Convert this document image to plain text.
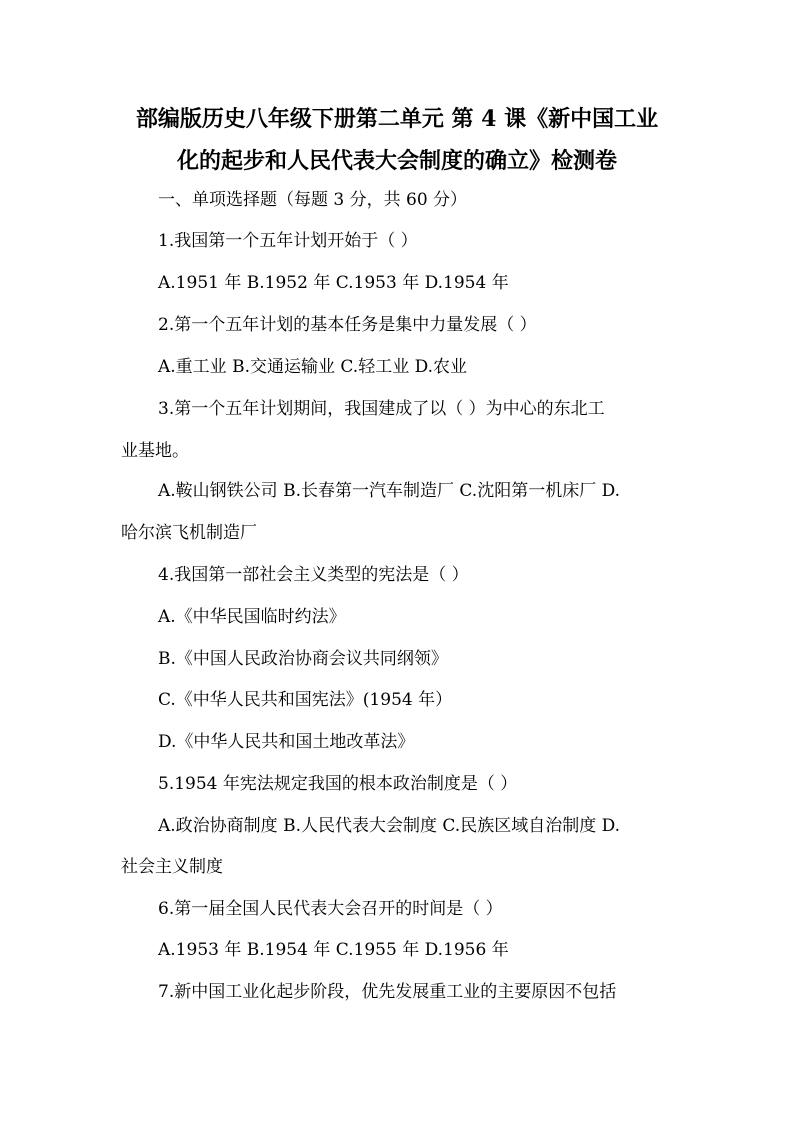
部编版历史八年级下册第二单元 第 4 课《新中国工业
化的起步和人民代表大会制度的确立》检测卷
一、单项选择题（每题 3 分，共 60 分）
1.我国第一个五年计划开始于（ ）
A.1951 年 B.1952 年 C.1953 年 D.1954 年
2.第一个五年计划的基本任务是集中力量发展（ ）
A.重工业 B.交通运输业 C.轻工业 D.农业
3.第一个五年计划期间，我国建成了以（ ）为中心的东北工
业基地。
A.鞍山钢铁公司 B.长春第一汽车制造厂 C.沈阳第一机床厂 D.
哈尔滨飞机制造厂
4.我国第一部社会主义类型的宪法是（ ）
A.《中华民国临时约法》
B.《中国人民政治协商会议共同纲领》
C.《中华人民共和国宪法》(1954 年）
D.《中华人民共和国土地改革法》
5.1954 年宪法规定我国的根本政治制度是（ ）
A.政治协商制度 B.人民代表大会制度 C.民族区域自治制度 D.
社会主义制度
6.第一届全国人民代表大会召开的时间是（ ）
A.1953 年 B.1954 年 C.1955 年 D.1956 年
7.新中国工业化起步阶段，优先发展重工业的主要原因不包括
